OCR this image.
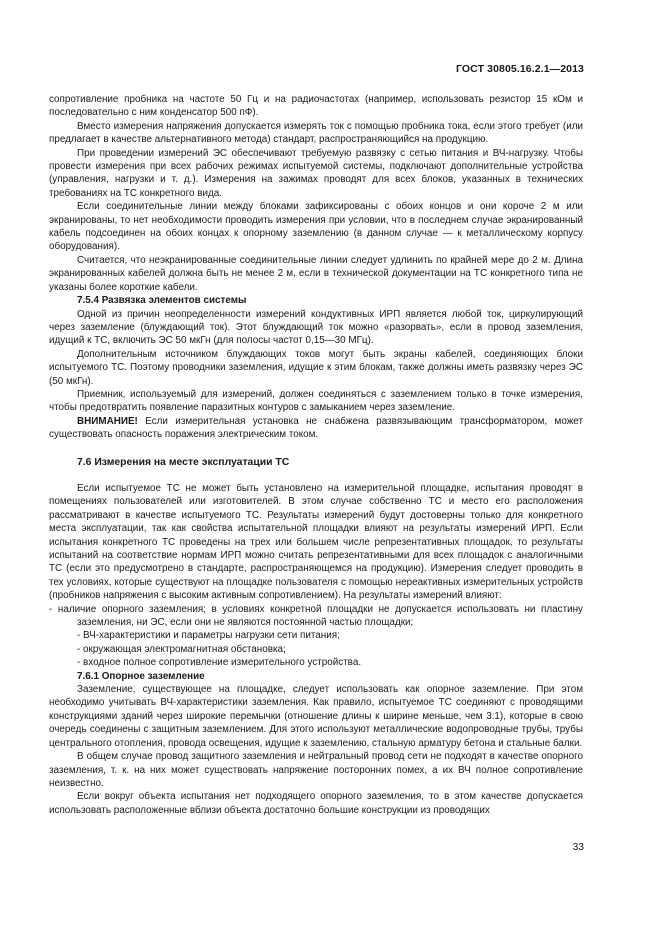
ГОСТ 30805.16.2.1—2013

сопротивление пробника на частоте 50 Гц и на радиочастотах (например, использовать резистор 15 кОм и последовательно с ним конденсатор 500 пФ).

Вместо измерения напряжения допускается измерять ток с помощью пробника тока, если этого требует (или предлагает в качестве альтернативного метода) стандарт, распространяющийся на продукцию.

При проведении измерений ЭС обеспечивают требуемую развязку с сетью питания и ВЧ-нагрузку. Чтобы провести измерения при всех рабочих режимах испытуемой системы, подключают дополнительные устройства (управления, нагрузки и т. д.). Измерения на зажимах проводят для всех блоков, указанных в технических требованиях на ТС конкретного вида.

Если соединительные линии между блоками зафиксированы с обоих концов и они короче 2 м или экранированы, то нет необходимости проводить измерения при условии, что в последнем случае экранированный кабель подсоединен на обоих концах к опорному заземлению (в данном случае — к металлическому корпусу оборудования).

Считается, что неэкранированные соединительные линии следует удлинить по крайней мере до 2 м. Длина экранированных кабелей должна быть не менее 2 м, если в технической документации на ТС конкретного типа не указаны более короткие кабели.

7.5.4 Развязка элементов системы

Одной из причин неопределенности измерений кондуктивных ИРП является любой ток, циркулирующий через заземление (блуждающий ток). Этот блуждающий ток можно «разорвать», если в провод заземления, идущий к ТС, включить ЭС 50 мкГн (для полосы частот 0,15—30 МГц).

Дополнительным источником блуждающих токов могут быть экраны кабелей, соединяющих блоки испытуемого ТС. Поэтому проводники заземления, идущие к этим блокам, также должны иметь развязку через ЭС (50 мкГн).

Приемник, используемый для измерений, должен соединяться с заземлением только в точке измерения, чтобы предотвратить появление паразитных контуров с замыканием через заземление.

ВНИМАНИЕ! Если измерительная установка не снабжена развязывающим трансформатором, может существовать опасность поражения электрическим током.

7.6 Измерения на месте эксплуатации ТС

Если испытуемое ТС не может быть установлено на измерительной площадке, испытания проводят в помещениях пользователей или изготовителей. В этом случае собственно ТС и место его расположения рассматривают в качестве испытуемого ТС. Результаты измерений будут достоверны только для конкретного места эксплуатации, так как свойства испытательной площадки влияют на результаты измерений ИРП. Если испытания конкретного ТС проведены на трех или большем числе репрезентативных площадок, то результаты испытаний на соответствие нормам ИРП можно считать репрезентативными для всех площадок с аналогичными ТС (если это предусмотрено в стандарте, распространяющемся на продукцию). Измерения следует проводить в тех условиях, которые существуют на площадке пользователя с помощью нереактивных измерительных устройств (пробников напряжения с высоким активным сопротивлением). На результаты измерений влияют:

- наличие опорного заземления; в условиях конкретной площадки не допускается использовать ни пластину заземления, ни ЭС, если они не являются постоянной частью площадки;

- ВЧ-характеристики и параметры нагрузки сети питания;

- окружающая электромагнитная обстановка;

- входное полное сопротивление измерительного устройства.

7.6.1 Опорное заземление

Заземление, существующее на площадке, следует использовать как опорное заземление. При этом необходимо учитывать ВЧ-характеристики заземления. Как правило, испытуемое ТС соединяют с проводящими конструкциями зданий через широкие перемычки (отношение длины к ширине меньше, чем 3:1), которые в свою очередь соединены с защитным заземлением. Для этого используют металлические водопроводные трубы, трубы центрального отопления, провода освещения, идущие к заземлению, стальную арматуру бетона и стальные балки.

В общем случае провод защитного заземления и нейтральный провод сети не подходят в качестве опорного заземления, т. к. на них может существовать напряжение посторонних помех, а их ВЧ полное сопротивление неизвестно.

Если вокруг объекта испытания нет подходящего опорного заземления, то в этом качестве допускается использовать расположенные вблизи объекта достаточно большие конструкции из проводящих

33
